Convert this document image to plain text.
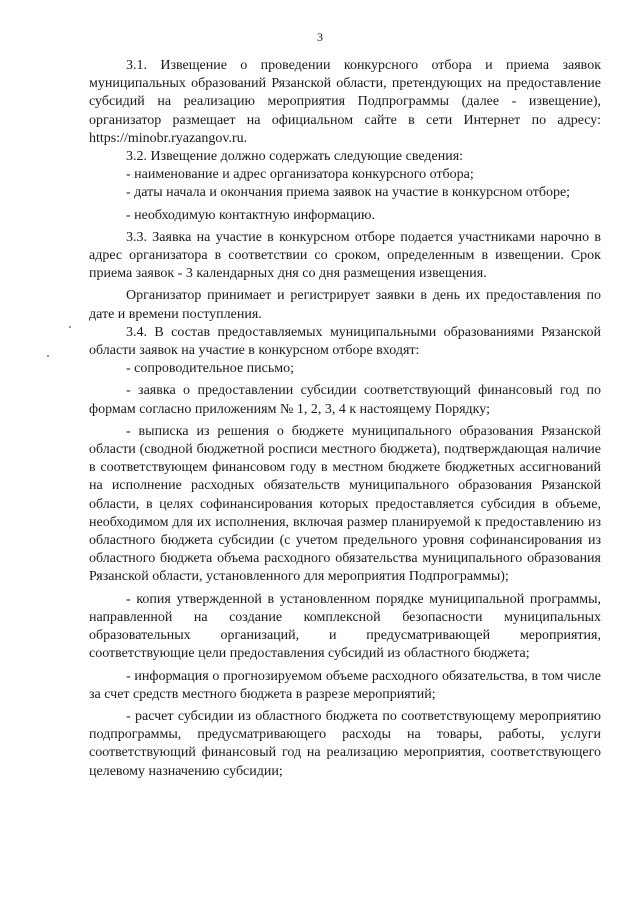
3

3.1. Извещение о проведении конкурсного отбора и приема заявок муниципальных образований Рязанской области, претендующих на предоставление субсидий на реализацию мероприятия Подпрограммы (далее - извещение), организатор размещает на официальном сайте в сети Интернет по адресу: https://minobr.ryazangov.ru.

3.2. Извещение должно содержать следующие сведения:

- наименование и адрес организатора конкурсного отбора;

- даты начала и окончания приема заявок на участие в конкурсном отборе;

- необходимую контактную информацию.

3.3. Заявка на участие в конкурсном отборе подается участниками нарочно в адрес организатора в соответствии со сроком, определенным в извещении. Срок приема заявок - 3 календарных дня со дня размещения извещения.

Организатор принимает и регистрирует заявки в день их предоставления по дате и времени поступления.

3.4. В состав предоставляемых муниципальными образованиями Рязанской области заявок на участие в конкурсном отборе входят:

- сопроводительное письмо;

- заявка о предоставлении субсидии соответствующий финансовый год по формам согласно приложениям № 1, 2, 3, 4 к настоящему Порядку;

- выписка из решения о бюджете муниципального образования Рязанской области (сводной бюджетной росписи местного бюджета), подтверждающая наличие в соответствующем финансовом году в местном бюджете бюджетных ассигнований на исполнение расходных обязательств муниципального образования Рязанской области, в целях софинансирования которых предоставляется субсидия в объеме, необходимом для их исполнения, включая размер планируемой к предоставлению из областного бюджета субсидии (с учетом предельного уровня софинансирования из областного бюджета объема расходного обязательства муниципального образования Рязанской области, установленного для мероприятия Подпрограммы);

- копия утвержденной в установленном порядке муниципальной программы, направленной на создание комплексной безопасности муниципальных образовательных организаций, и предусматривающей мероприятия, соответствующие цели предоставления субсидий из областного бюджета;

- информация о прогнозируемом объеме расходного обязательства, в том числе за счет средств местного бюджета в разрезе мероприятий;

- расчет субсидии из областного бюджета по соответствующему мероприятию подпрограммы, предусматривающего расходы на товары, работы, услуги соответствующий финансовый год на реализацию мероприятия, соответствующего целевому назначению субсидии;
